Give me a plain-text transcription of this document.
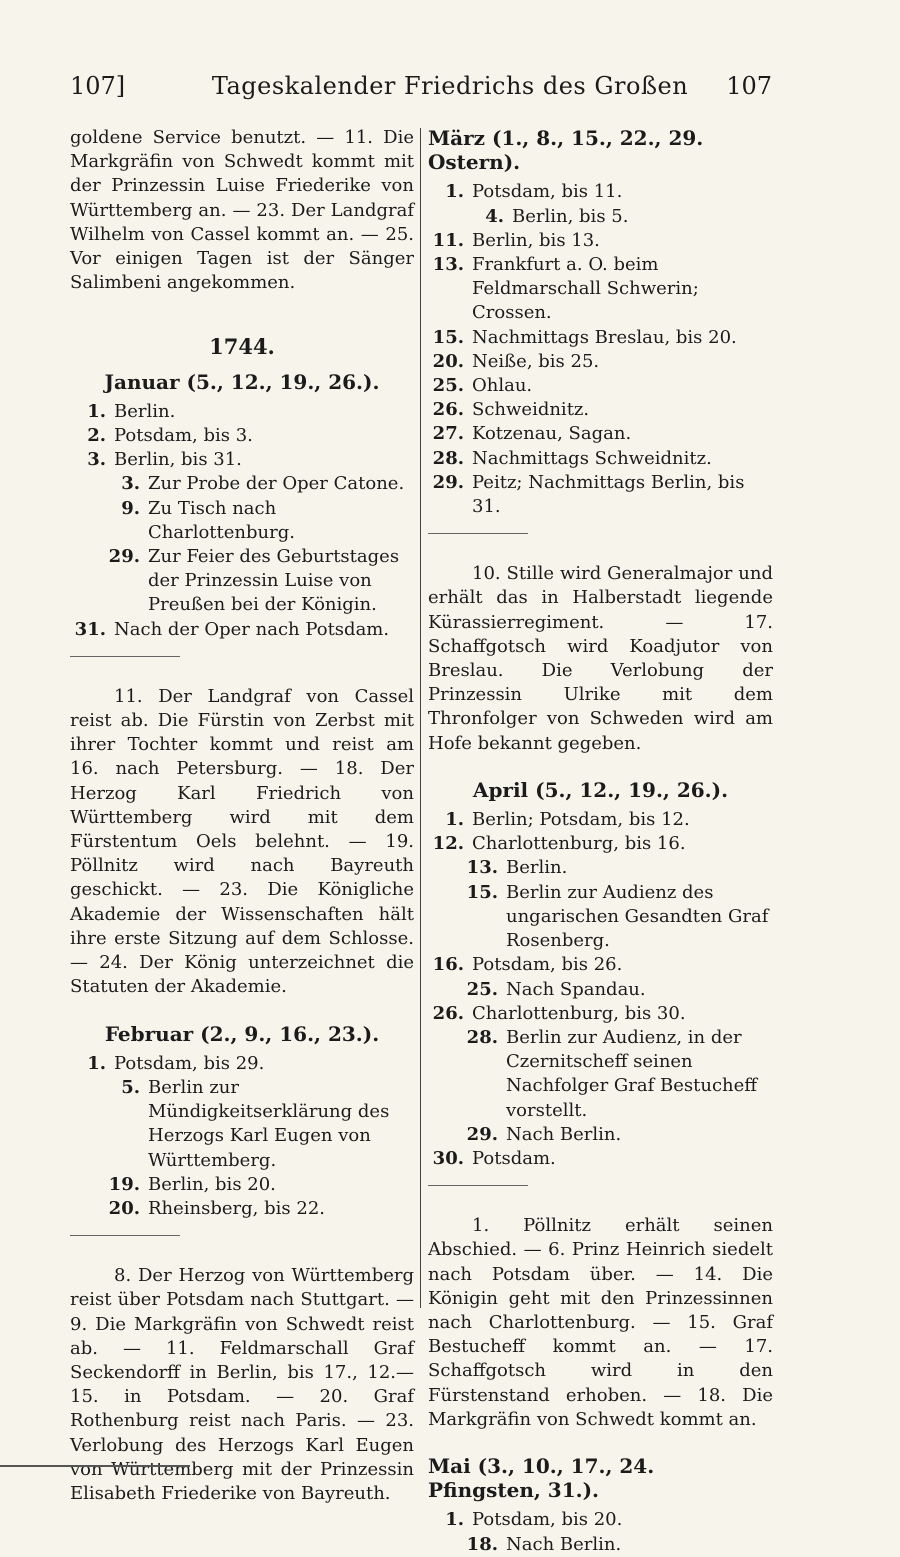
107]	Tageskalender Friedrichs des Großen	107

goldene Service benutzt. — 11. Die Markgräfin von Schwedt kommt mit der Prinzessin Luise Friederike von Württemberg an. — 23. Der Landgraf Wilhelm von Cassel kommt an. — 25. Vor einigen Tagen ist der Sänger Salimbeni angekommen.

1744.
Januar (5., 12., 19., 26.).
1. Berlin.
2. Potsdam, bis 3.
3. Berlin, bis 31.
3. Zur Probe der Oper Catone.
9. Zu Tisch nach Charlottenburg.
29. Zur Feier des Geburtstages der Prinzessin Luise von Preußen bei der Königin.
31. Nach der Oper nach Potsdam.

11. Der Landgraf von Cassel reist ab. Die Fürstin von Zerbst mit ihrer Tochter kommt und reist am 16. nach Petersburg. — 18. Der Herzog Karl Friedrich von Württemberg wird mit dem Fürstentum Oels belehnt. — 19. Pöllnitz wird nach Bayreuth geschickt. — 23. Die Königliche Akademie der Wissenschaften hält ihre erste Sitzung auf dem Schlosse. — 24. Der König unterzeichnet die Statuten der Akademie.

Februar (2., 9., 16., 23.).
1. Potsdam, bis 29.
5. Berlin zur Mündigkeitserklärung des Herzogs Karl Eugen von Württemberg.
19. Berlin, bis 20.
20. Rheinsberg, bis 22.

8. Der Herzog von Württemberg reist über Potsdam nach Stuttgart. — 9. Die Markgräfin von Schwedt reist ab. — 11. Feldmarschall Graf Seckendorff in Berlin, bis 17., 12.—15. in Potsdam. — 20. Graf Rothenburg reist nach Paris. — 23. Verlobung des Herzogs Karl Eugen von Württemberg mit der Prinzessin Elisabeth Friederike von Bayreuth.

März (1., 8., 15., 22., 29. Ostern).
1. Potsdam, bis 11.
4. Berlin, bis 5.
11. Berlin, bis 13.
13. Frankfurt a. O. beim Feldmarschall Schwerin; Crossen.
15. Nachmittags Breslau, bis 20.
20. Neiße, bis 25.
25. Ohlau.
26. Schweidnitz.
27. Kotzenau, Sagan.
28. Nachmittags Schweidnitz.
29. Peitz; Nachmittags Berlin, bis 31.

10. Stille wird Generalmajor und erhält das in Halberstadt liegende Kürassierregiment. — 17. Schaffgotsch wird Koadjutor von Breslau. Die Verlobung der Prinzessin Ulrike mit dem Thronfolger von Schweden wird am Hofe bekannt gegeben.

April (5., 12., 19., 26.).
1. Berlin; Potsdam, bis 12.
12. Charlottenburg, bis 16.
13. Berlin.
15. Berlin zur Audienz des ungarischen Gesandten Graf Rosenberg.
16. Potsdam, bis 26.
25. Nach Spandau.
26. Charlottenburg, bis 30.
28. Berlin zur Audienz, in der Czernitscheff seinen Nachfolger Graf Bestucheff vorstellt.
29. Nach Berlin.
30. Potsdam.

1. Pöllnitz erhält seinen Abschied. — 6. Prinz Heinrich siedelt nach Potsdam über. — 14. Die Königin geht mit den Prinzessinnen nach Charlottenburg. — 15. Graf Bestucheff kommt an. — 17. Schaffgotsch wird in den Fürstenstand erhoben. — 18. Die Markgräfin von Schwedt kommt an.

Mai (3., 10., 17., 24. Pfingsten, 31.).
1. Potsdam, bis 20.
18. Nach Berlin.
